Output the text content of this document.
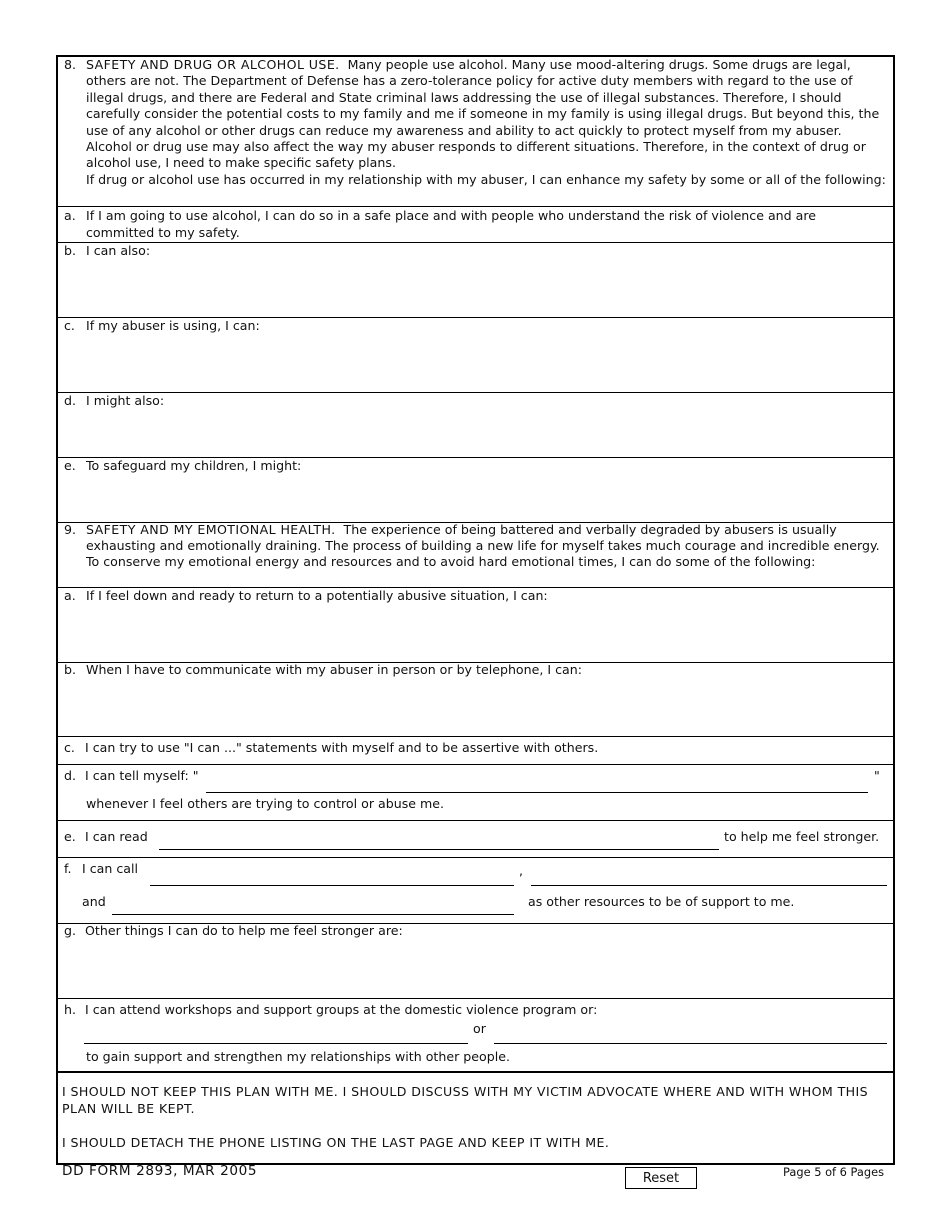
8. SAFETY AND DRUG OR ALCOHOL USE. Many people use alcohol. Many use mood-altering drugs. Some drugs are legal, others are not. The Department of Defense has a zero-tolerance policy for active duty members with regard to the use of illegal drugs, and there are Federal and State criminal laws addressing the use of illegal substances. Therefore, I should carefully consider the potential costs to my family and me if someone in my family is using illegal drugs. But beyond this, the use of any alcohol or other drugs can reduce my awareness and ability to act quickly to protect myself from my abuser. Alcohol or drug use may also affect the way my abuser responds to different situations. Therefore, in the context of drug or alcohol use, I need to make specific safety plans.
If drug or alcohol use has occurred in my relationship with my abuser, I can enhance my safety by some or all of the following:
a. If I am going to use alcohol, I can do so in a safe place and with people who understand the risk of violence and are committed to my safety.
b. I can also:
c. If my abuser is using, I can:
d. I might also:
e. To safeguard my children, I might:
9. SAFETY AND MY EMOTIONAL HEALTH. The experience of being battered and verbally degraded by abusers is usually exhausting and emotionally draining. The process of building a new life for myself takes much courage and incredible energy.
To conserve my emotional energy and resources and to avoid hard emotional times, I can do some of the following:
a. If I feel down and ready to return to a potentially abusive situation, I can:
b. When I have to communicate with my abuser in person or by telephone, I can:
c. I can try to use "I can ..." statements with myself and to be assertive with others.
d. I can tell myself: "	"
whenever I feel others are trying to control or abuse me.
e. I can read	to help me feel stronger.
f. I can call	,
and	as other resources to be of support to me.
g. Other things I can do to help me feel stronger are:
h. I can attend workshops and support groups at the domestic violence program or:
or
to gain support and strengthen my relationships with other people.
I SHOULD NOT KEEP THIS PLAN WITH ME. I SHOULD DISCUSS WITH MY VICTIM ADVOCATE WHERE AND WITH WHOM THIS PLAN WILL BE KEPT.
I SHOULD DETACH THE PHONE LISTING ON THE LAST PAGE AND KEEP IT WITH ME.
DD FORM 2893, MAR 2005	Reset	Page 5 of 6 Pages
